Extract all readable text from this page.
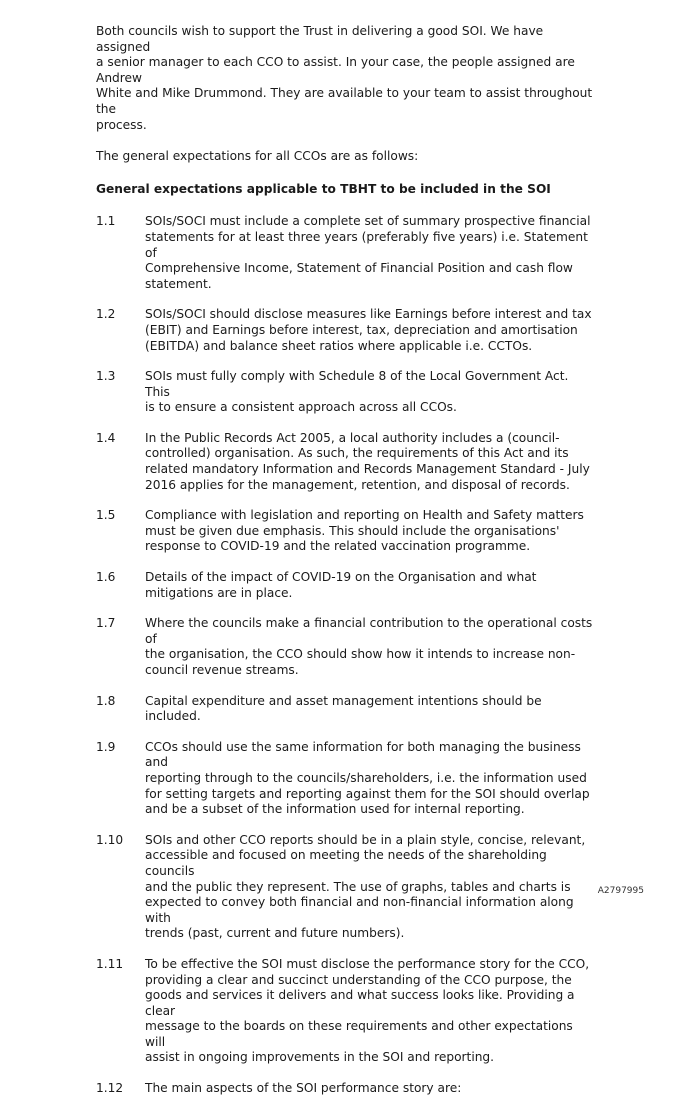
Both councils wish to support the Trust in delivering a good SOI. We have assigned
a senior manager to each CCO to assist. In your case, the people assigned are Andrew
White and Mike Drummond. They are available to your team to assist throughout the
process.

The general expectations for all CCOs are as follows:

General expectations applicable to TBHT to be included in the SOI

1.1	SOIs/SOCI must include a complete set of summary prospective financial
statements for at least three years (preferably five years) i.e. Statement of
Comprehensive Income, Statement of Financial Position and cash flow
statement.
1.2	SOIs/SOCI should disclose measures like Earnings before interest and tax
(EBIT) and Earnings before interest, tax, depreciation and amortisation
(EBITDA) and balance sheet ratios where applicable i.e. CCTOs.
1.3	SOIs must fully comply with Schedule 8 of the Local Government Act. This
is to ensure a consistent approach across all CCOs.
1.4	In the Public Records Act 2005, a local authority includes a (council-
controlled) organisation. As such, the requirements of this Act and its
related mandatory Information and Records Management Standard - July
2016 applies for the management, retention, and disposal of records.
1.5	Compliance with legislation and reporting on Health and Safety matters
must be given due emphasis. This should include the organisations'
response to COVID-19 and the related vaccination programme.
1.6	Details of the impact of COVID-19 on the Organisation and what
mitigations are in place.
1.7	Where the councils make a financial contribution to the operational costs of
the organisation, the CCO should show how it intends to increase non-
council revenue streams.
1.8	Capital expenditure and asset management intentions should be included.
1.9	CCOs should use the same information for both managing the business and
reporting through to the councils/shareholders, i.e. the information used
for setting targets and reporting against them for the SOI should overlap
and be a subset of the information used for internal reporting.
1.10	SOIs and other CCO reports should be in a plain style, concise, relevant,
accessible and focused on meeting the needs of the shareholding councils
and the public they represent. The use of graphs, tables and charts is
expected to convey both financial and non-financial information along with
trends (past, current and future numbers).
1.11	To be effective the SOI must disclose the performance story for the CCO,
providing a clear and succinct understanding of the CCO purpose, the
goods and services it delivers and what success looks like. Providing a clear
message to the boards on these requirements and other expectations will
assist in ongoing improvements in the SOI and reporting.
1.12	The main aspects of the SOI performance story are:
A2797995
